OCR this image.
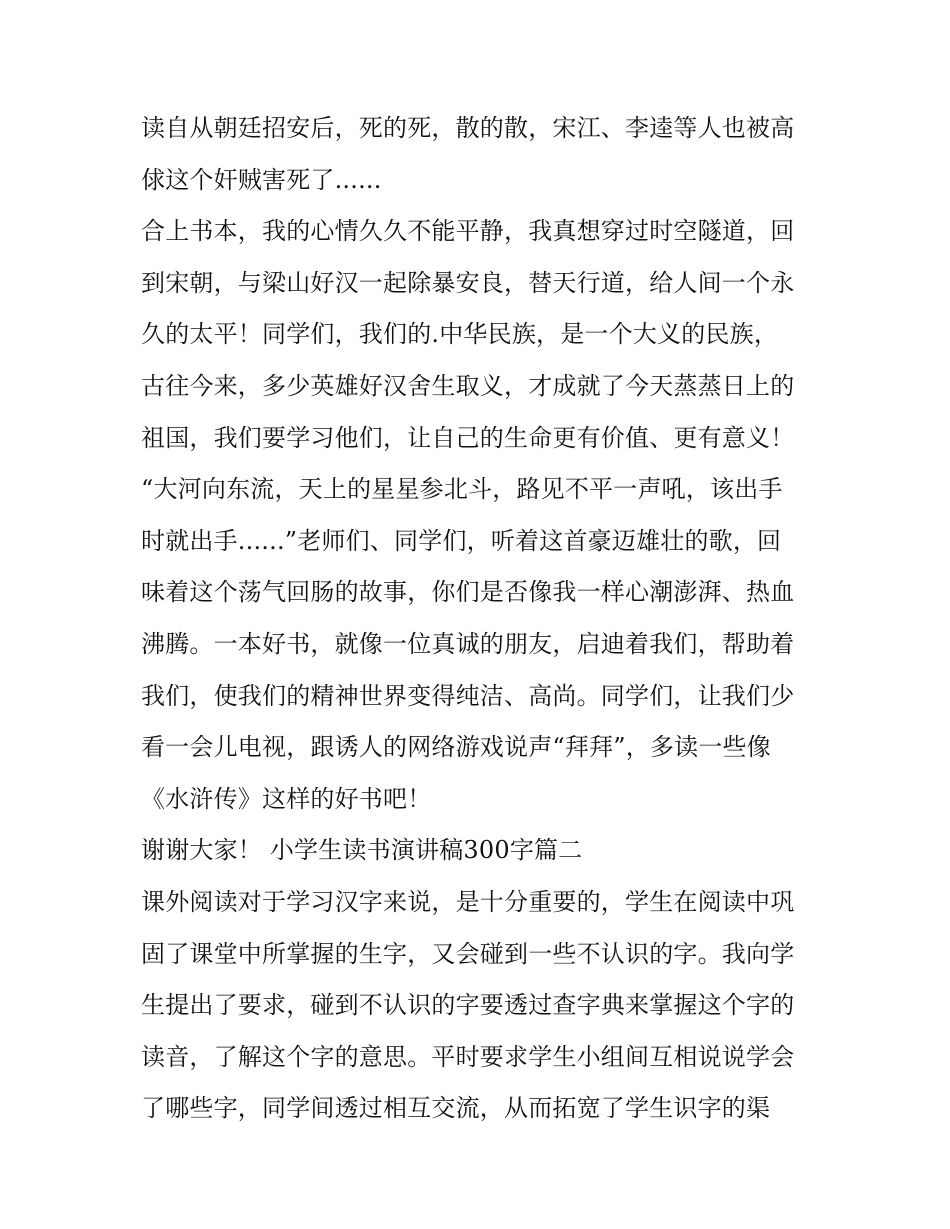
读自从朝廷招安后，死的死，散的散，宋江、李逵等人也被高
俅这个奸贼害死了......
合上书本，我的心情久久不能平静，我真想穿过时空隧道，回
到宋朝，与梁山好汉一起除暴安良，替天行道，给人间一个永
久的太平！同学们，我们的.中华民族，是一个大义的民族，
古往今来，多少英雄好汉舍生取义，才成就了今天蒸蒸日上的
祖国，我们要学习他们，让自己的生命更有价值、更有意义！
“大河向东流，天上的星星参北斗，路见不平一声吼，该出手
时就出手......”老师们、同学们，听着这首豪迈雄壮的歌，回
味着这个荡气回肠的故事，你们是否像我一样心潮澎湃、热血
沸腾。一本好书，就像一位真诚的朋友，启迪着我们，帮助着
我们，使我们的精神世界变得纯洁、高尚。同学们，让我们少
看一会儿电视，跟诱人的网络游戏说声“拜拜”，多读一些像
《水浒传》这样的好书吧！
谢谢大家！ 小学生读书演讲稿300字篇二
课外阅读对于学习汉字来说，是十分重要的，学生在阅读中巩
固了课堂中所掌握的生字，又会碰到一些不认识的字。我向学
生提出了要求，碰到不认识的字要透过查字典来掌握这个字的
读音，了解这个字的意思。平时要求学生小组间互相说说学会
了哪些字，同学间透过相互交流，从而拓宽了学生识字的渠
